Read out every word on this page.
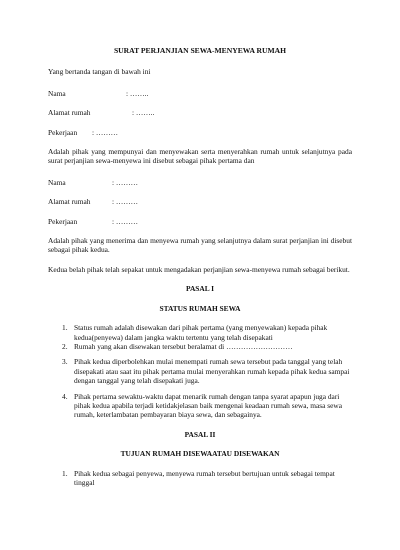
SURAT PERJANJIAN SEWA-MENYEWA RUMAH

Yang bertanda tangan di bawah ini

Nama	: ……..
Alamat rumah	: ……..
Pekerjaan	: ………

Adalah pihak yang mempunyai dan menyewakan serta menyerahkan rumah untuk selanjutnya pada surat perjanjian sewa-menyewa ini disebut sebagai pihak pertama dan

Nama	: ………
Alamat rumah	: ………
Pekerjaan	: ………

Adalah pihak yang menerima dan menyewa rumah yang selanjutnya dalam surat perjanjian ini disebut sebagai pihak kedua.

Kedua belah pihak telah sepakat untuk mengadakan perjanjian sewa-menyewa rumah sebagai berikut.

PASAL I
STATUS RUMAH SEWA
1. Status rumah adalah disewakan dari pihak pertama (yang menyewakan) kepada pihak kedua(penyewa) dalam jangka waktu tertentu yang telah disepakati
2. Rumah yang akan disewakan tersebut beralamat di ………………………
3. Pihak kedua diperbolehkan mulai menempati rumah sewa tersebut pada tanggal yang telah disepakati atau saat itu pihak pertama mulai menyerahkan rumah kepada pihak kedua sampai dengan tanggal yang telah disepakati juga.
4. Pihak pertama sewaktu-waktu dapat menarik rumah dengan tanpa syarat apapun juga dari pihak kedua apabila terjadi ketidakjelasan baik mengenai keadaan rumah sewa, masa sewa rumah, keterlambatan pembayaran biaya sewa, dan sebagainya.
PASAL II
TUJUAN RUMAH DISEWAATAU DISEWAKAN
1. Pihak kedua sebagai penyewa, menyewa rumah tersebut bertujuan untuk sebagai tempat tinggal
